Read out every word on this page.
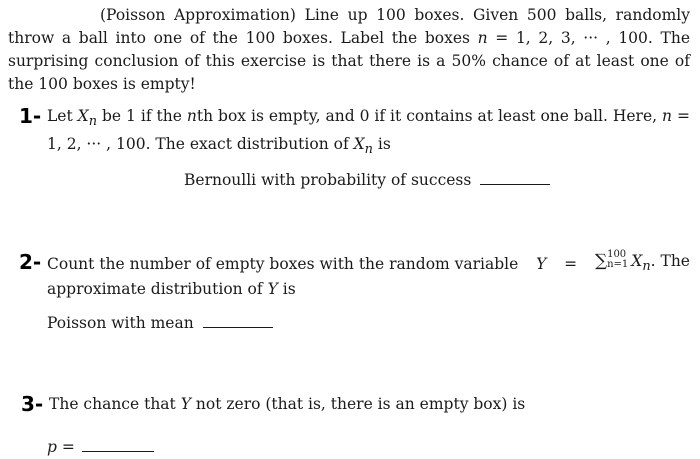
(Poisson Approximation) Line up 100 boxes. Given 500 balls, randomly throw a ball into one of the 100 boxes. Label the boxes n = 1, 2, 3, ··· , 100. The surprising conclusion of this exercise is that there is a 50% chance of at least one of the 100 boxes is empty!
1- Let $X_n$ be 1 if the nth box is empty, and 0 if it contains at least one ball. Here, n = 1, 2, ··· , 100. The exact distribution of $X_n$ is
Bernoulli with probability of success
2- Count the number of empty boxes with the random variable Y = ∑ 100
n=1 $X_n$. The
approximate distribution of Y is
Poisson with mean
3- The chance that Y not zero (that is, there is an empty box) is
p =
